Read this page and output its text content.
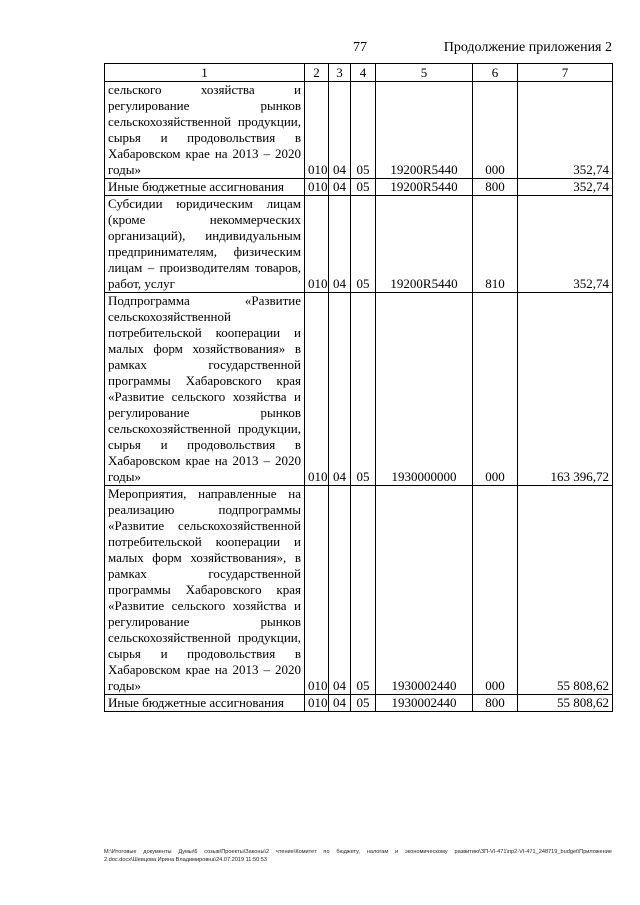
77	Продолжение приложения 2
1	2	3	4	5	6	7
сельского хозяйства и регулирование рынков сельскохозяйственной продукции, сырья и продовольствия в Хабаровском крае на 2013 – 2020 годы»	010	04	05	19200R5440	000	352,74
Иные бюджетные ассигнования	010	04	05	19200R5440	800	352,74
Субсидии юридическим лицам (кроме некоммерческих организаций), индивидуальным предпринимателям, физическим лицам – производителям товаров, работ, услуг	010	04	05	19200R5440	810	352,74
Подпрограмма «Развитие сельскохозяйственной потребительской кооперации и малых форм хозяйствования» в рамках государственной программы Хабаровского края «Развитие сельского хозяйства и регулирование рынков сельскохозяйственной продукции, сырья и продовольствия в Хабаровском крае на 2013 – 2020 годы»	010	04	05	1930000000	000	163 396,72
Мероприятия, направленные на реализацию подпрограммы «Развитие сельскохозяйственной потребительской кооперации и малых форм хозяйствования», в рамках государственной программы Хабаровского края «Развитие сельского хозяйства и регулирование рынков сельскохозяйственной продукции, сырья и продовольствия в Хабаровском крае на 2013 – 2020 годы»	010	04	05	1930002440	000	55 808,62
Иные бюджетные ассигнования	010	04	05	1930002440	800	55 808,62
М:\Итоговые документы Думы\6 созыв\Проекты\Законы\2 чтение\Комитет по бюджету, налогам и экономическому развитию\ЗП-VI-471\пр2-VI-471_248719_budget\Приложение 2.doc.docx\Шевцова Ирина Владимировна\24.07.2019 11:50:53
